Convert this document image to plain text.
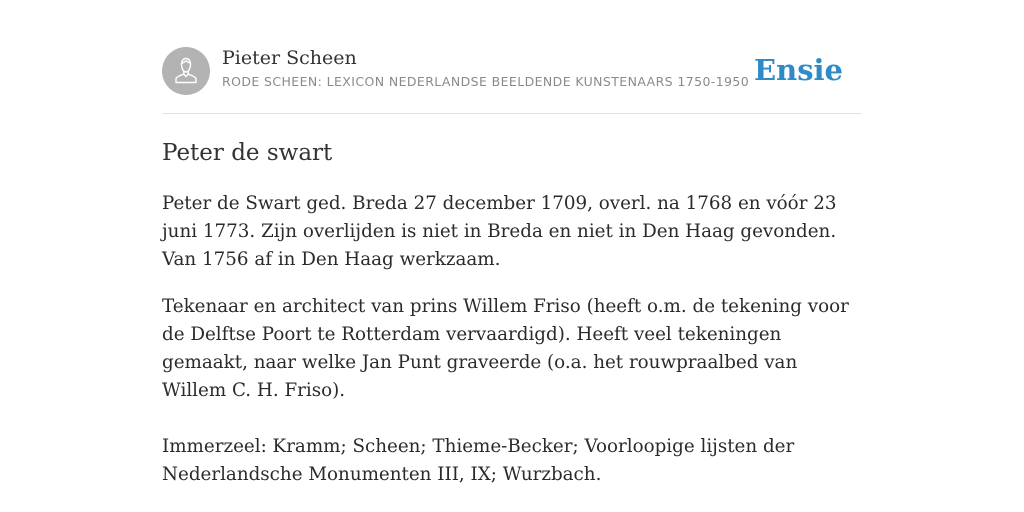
Pieter Scheen
RODE SCHEEN: LEXICON NEDERLANDSE BEELDENDE KUNSTENAARS 1750-1950 Ensie
Peter de swart

Peter de Swart ged. Breda 27 december 1709, overl. na 1768 en vóór 23 juni 1773. Zijn overlijden is niet in Breda en niet in Den Haag gevonden. Van 1756 af in Den Haag werkzaam.

Tekenaar en architect van prins Willem Friso (heeft o.m. de tekening voor de Delftse Poort te Rotterdam vervaardigd). Heeft veel tekeningen gemaakt, naar welke Jan Punt graveerde (o.a. het rouwpraalbed van Willem C. H. Friso).

Immerzeel: Kramm; Scheen; Thieme-Becker; Voorloopige lijsten der Nederlandsche Monumenten III, IX; Wurzbach.
